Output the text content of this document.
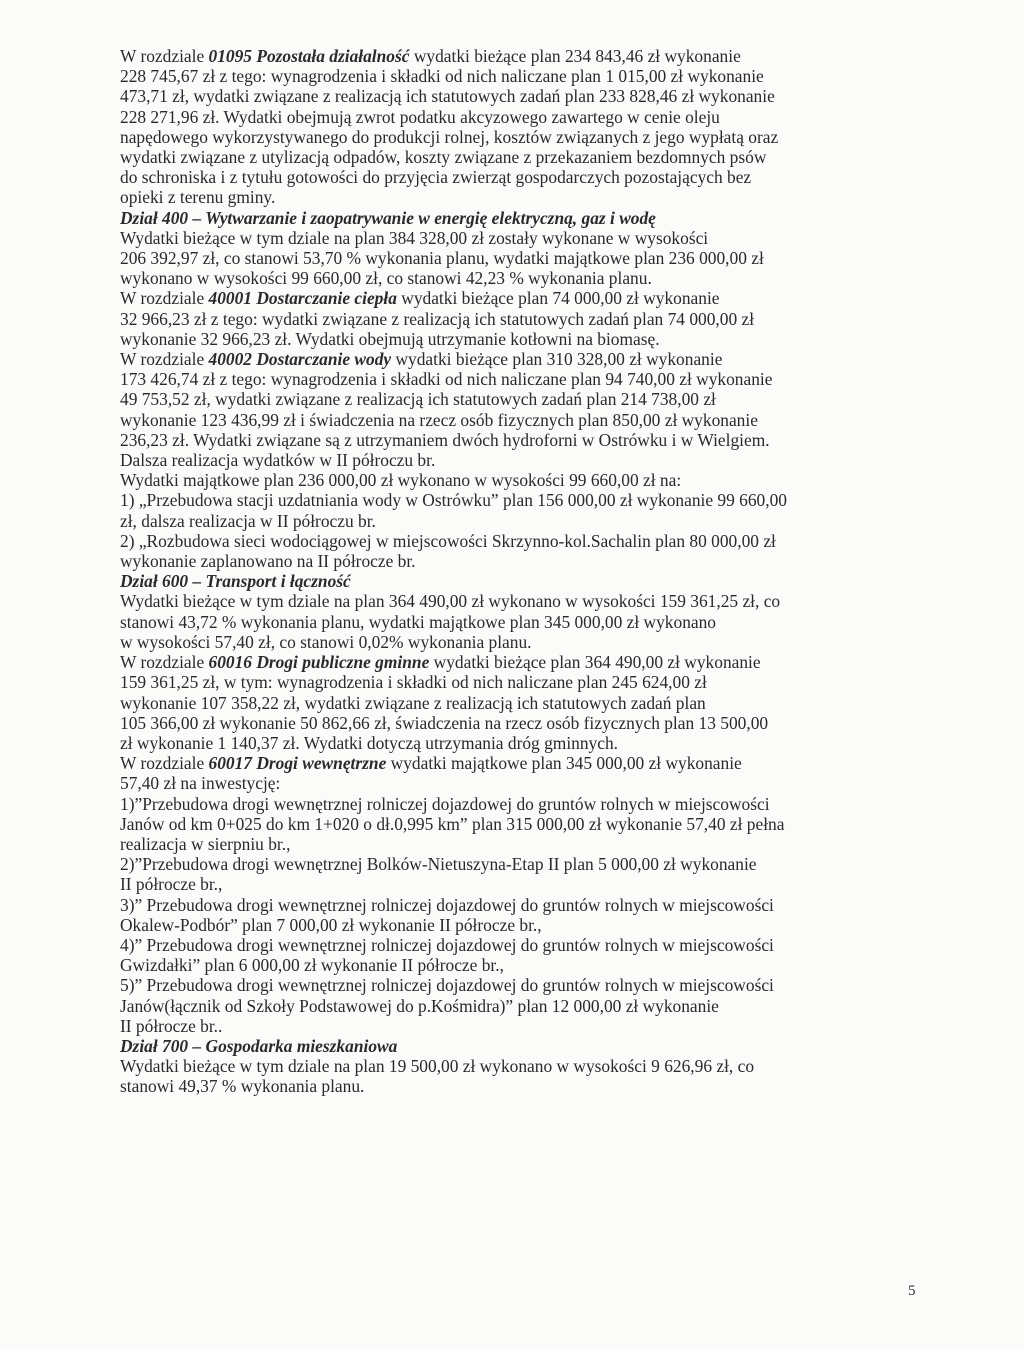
W rozdziale 01095 Pozostała działalność wydatki bieżące plan 234 843,46 zł wykonanie

228 745,67 zł z tego: wynagrodzenia i składki od nich naliczane plan 1 015,00 zł wykonanie

473,71 zł, wydatki związane z realizacją ich statutowych zadań plan 233 828,46 zł wykonanie

228 271,96 zł. Wydatki obejmują zwrot podatku akcyzowego zawartego w cenie oleju

napędowego wykorzystywanego do produkcji rolnej, kosztów związanych z jego wypłatą oraz

wydatki związane z utylizacją odpadów, koszty związane z przekazaniem bezdomnych psów

do schroniska i z tytułu gotowości do przyjęcia zwierząt gospodarczych pozostających bez

opieki z terenu gminy.

Dział 400 – Wytwarzanie i zaopatrywanie w energię elektryczną, gaz i wodę

Wydatki bieżące w tym dziale na plan 384 328,00 zł zostały wykonane w wysokości

206 392,97 zł, co stanowi 53,70 % wykonania planu, wydatki majątkowe plan 236 000,00 zł

wykonano w wysokości 99 660,00 zł, co stanowi 42,23 % wykonania planu.

W rozdziale 40001 Dostarczanie ciepła wydatki bieżące plan 74 000,00 zł wykonanie

32 966,23 zł z tego: wydatki związane z realizacją ich statutowych zadań plan 74 000,00 zł

wykonanie 32 966,23 zł. Wydatki obejmują utrzymanie kotłowni na biomasę.

W rozdziale 40002 Dostarczanie wody wydatki bieżące plan 310 328,00 zł wykonanie

173 426,74 zł z tego: wynagrodzenia i składki od nich naliczane plan 94 740,00 zł wykonanie

49 753,52 zł, wydatki związane z realizacją ich statutowych zadań plan 214 738,00 zł

wykonanie 123 436,99 zł i świadczenia na rzecz osób fizycznych plan 850,00 zł wykonanie

236,23 zł. Wydatki związane są z utrzymaniem dwóch hydroforni w Ostrówku i w Wielgiem.

Dalsza realizacja wydatków w II półroczu br.

Wydatki majątkowe plan 236 000,00 zł wykonano w wysokości 99 660,00 zł na:

1) „Przebudowa stacji uzdatniania wody w Ostrówku” plan 156 000,00 zł wykonanie 99 660,00

zł, dalsza realizacja w II półroczu br.

2) „Rozbudowa sieci wodociągowej w miejscowości Skrzynno-kol.Sachalin plan 80 000,00 zł

wykonanie zaplanowano na II półrocze br.

Dział 600 – Transport i łączność

Wydatki bieżące w tym dziale na plan 364 490,00 zł wykonano w wysokości 159 361,25 zł, co

stanowi 43,72 % wykonania planu, wydatki majątkowe plan 345 000,00 zł wykonano

w wysokości 57,40 zł, co stanowi 0,02% wykonania planu.

W rozdziale 60016 Drogi publiczne gminne wydatki bieżące plan 364 490,00 zł wykonanie

159 361,25 zł, w tym: wynagrodzenia i składki od nich naliczane plan 245 624,00 zł

wykonanie 107 358,22 zł, wydatki związane z realizacją ich statutowych zadań plan

105 366,00 zł wykonanie 50 862,66 zł, świadczenia na rzecz osób fizycznych plan 13 500,00

zł wykonanie 1 140,37 zł. Wydatki dotyczą utrzymania dróg gminnych.

W rozdziale 60017 Drogi wewnętrzne wydatki majątkowe plan 345 000,00 zł wykonanie

57,40 zł na inwestycję:

1)”Przebudowa drogi wewnętrznej rolniczej dojazdowej do gruntów rolnych w miejscowości

Janów od km 0+025 do km 1+020 o dł.0,995 km” plan 315 000,00 zł wykonanie 57,40 zł pełna

realizacja w sierpniu br.,

2)”Przebudowa drogi wewnętrznej Bolków-Nietuszyna-Etap II plan 5 000,00 zł wykonanie

II półrocze br.,

3)” Przebudowa drogi wewnętrznej rolniczej dojazdowej do gruntów rolnych w miejscowości

Okalew-Podbór” plan 7 000,00 zł wykonanie II półrocze br.,

4)” Przebudowa drogi wewnętrznej rolniczej dojazdowej do gruntów rolnych w miejscowości

Gwizdałki” plan 6 000,00 zł wykonanie II półrocze br.,

5)” Przebudowa drogi wewnętrznej rolniczej dojazdowej do gruntów rolnych w miejscowości

Janów(łącznik od Szkoły Podstawowej do p.Kośmidra)” plan 12 000,00 zł wykonanie

II półrocze br..

Dział 700 – Gospodarka mieszkaniowa

Wydatki bieżące w tym dziale na plan 19 500,00 zł wykonano w wysokości 9 626,96 zł, co

stanowi 49,37 % wykonania planu.

5
